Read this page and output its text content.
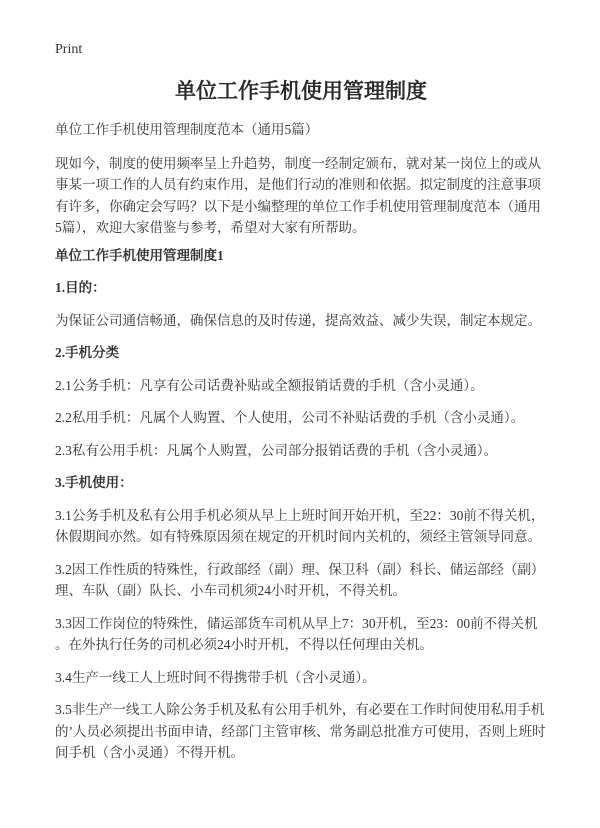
Print
单位工作手机使用管理制度

单位工作手机使用管理制度范本（通用5篇）

现如今，制度的使用频率呈上升趋势，制度一经制定颁布，就对某一岗位上的或从事某一项工作的人员有约束作用，是他们行动的准则和依据。拟定制度的注意事项有许多，你确定会写吗？以下是小编整理的单位工作手机使用管理制度范本（通用5篇），欢迎大家借鉴与参考，希望对大家有所帮助。

单位工作手机使用管理制度1
1.目的：

为保证公司通信畅通，确保信息的及时传递，提高效益、减少失误，制定本规定。

2.手机分类

2.1公务手机：凡享有公司话费补贴或全额报销话费的手机（含小灵通）。

2.2私用手机：凡属个人购置、个人使用，公司不补贴话费的手机（含小灵通）。

2.3私有公用手机：凡属个人购置，公司部分报销话费的手机（含小灵通）。

3.手机使用：

3.1公务手机及私有公用手机必须从早上上班时间开始开机，至22：30前不得关机，休假期间亦然。如有特殊原因须在规定的开机时间内关机的，须经主管领导同意。

3.2因工作性质的特殊性，行政部经（副）理、保卫科（副）科长、储运部经（副）理、车队（副）队长、小车司机须24小时开机，不得关机。

3.3因工作岗位的特殊性，储运部货车司机从早上7：30开机，至23：00前不得关机。在外执行任务的司机必须24小时开机，不得以任何理由关机。

3.4生产一线工人上班时间不得携带手机（含小灵通）。

3.5非生产一线工人除公务手机及私有公用手机外，有必要在工作时间使用私用手机的’人员必须提出书面申请，经部门主管审核、常务副总批准方可使用，否则上班时间手机（含小灵通）不得开机。
